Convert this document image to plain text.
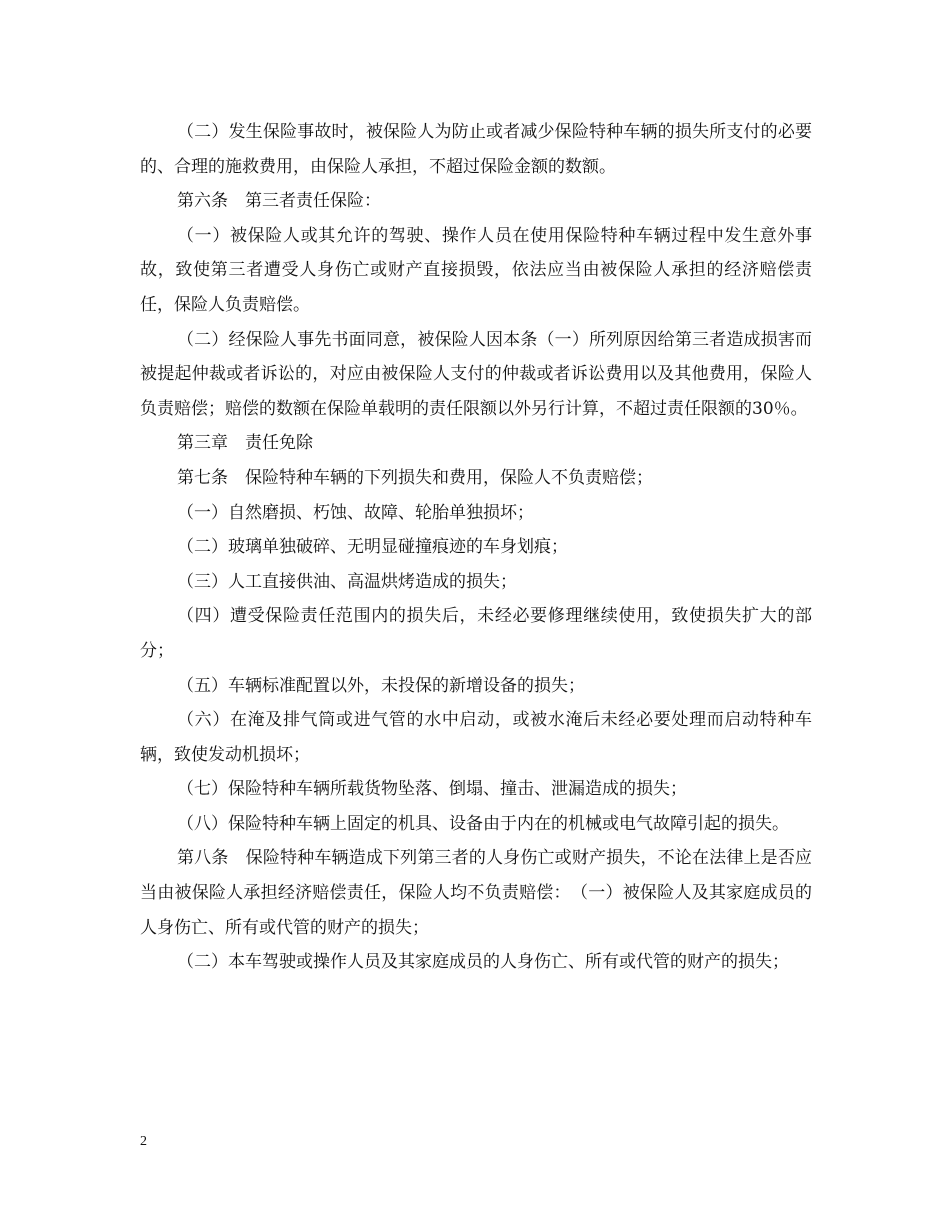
（二）发生保险事故时，被保险人为防止或者减少保险特种车辆的损失所支付的必要的、合理的施救费用，由保险人承担，不超过保险金额的数额。

第六条　第三者责任保险：

（一）被保险人或其允许的驾驶、操作人员在使用保险特种车辆过程中发生意外事故，致使第三者遭受人身伤亡或财产直接损毁，依法应当由被保险人承担的经济赔偿责任，保险人负责赔偿。

（二）经保险人事先书面同意，被保险人因本条（一）所列原因给第三者造成损害而被提起仲裁或者诉讼的，对应由被保险人支付的仲裁或者诉讼费用以及其他费用，保险人负责赔偿；赔偿的数额在保险单载明的责任限额以外另行计算，不超过责任限额的30％。

第三章　责任免除

第七条　保险特种车辆的下列损失和费用，保险人不负责赔偿；

（一）自然磨损、朽蚀、故障、轮胎单独损坏；

（二）玻璃单独破碎、无明显碰撞痕迹的车身划痕；

（三）人工直接供油、高温烘烤造成的损失；

（四）遭受保险责任范围内的损失后，未经必要修理继续使用，致使损失扩大的部分；

（五）车辆标准配置以外，未投保的新增设备的损失；

（六）在淹及排气筒或进气管的水中启动，或被水淹后未经必要处理而启动特种车辆，致使发动机损坏；

（七）保险特种车辆所载货物坠落、倒塌、撞击、泄漏造成的损失；

（八）保险特种车辆上固定的机具、设备由于内在的机械或电气故障引起的损失。

第八条　保险特种车辆造成下列第三者的人身伤亡或财产损失，不论在法律上是否应当由被保险人承担经济赔偿责任，保险人均不负责赔偿：　（一）被保险人及其家庭成员的人身伤亡、所有或代管的财产的损失；

（二）本车驾驶或操作人员及其家庭成员的人身伤亡、所有或代管的财产的损失；

2
